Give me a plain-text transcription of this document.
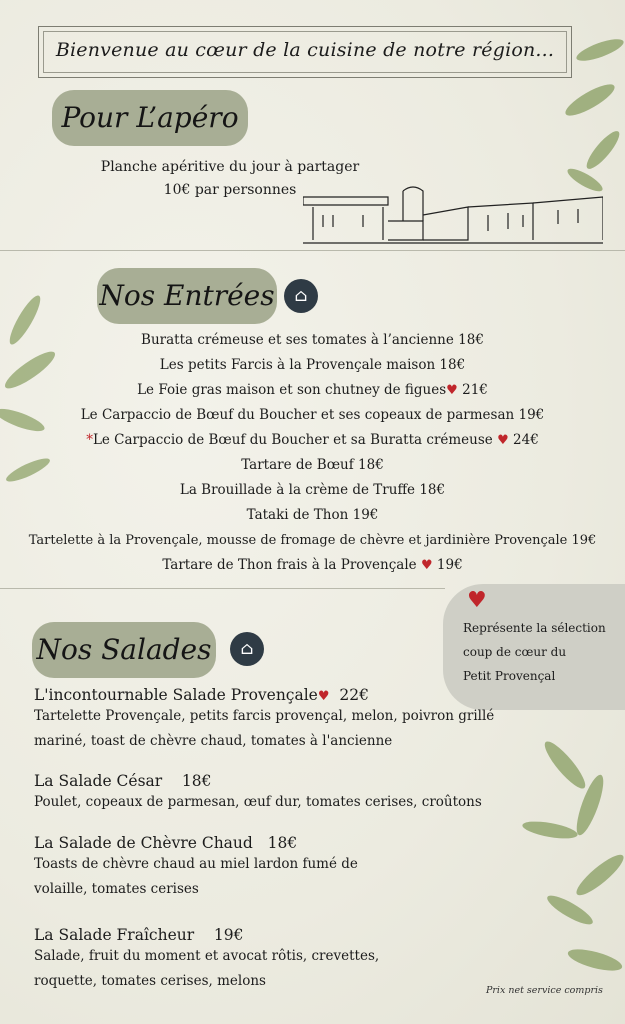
Bienvenue au cœur de la cuisine de notre région...
Pour L’apéro
Planche apéritive du jour à partager
10€ par personnes
Nos Entrées	⌂
Buratta crémeuse et ses tomates à l’ancienne 18€
Les petits Farcis à la Provençale maison 18€
Le Foie gras maison et son chutney de figues♥ 21€
Le Carpaccio de Bœuf du Boucher et ses copeaux de parmesan 19€
*Le Carpaccio de Bœuf du Boucher et sa Buratta crémeuse ♥ 24€
Tartare de Bœuf 18€
La Brouillade à la crème de Truffe 18€
Tataki de Thon 19€
Tartelette à la Provençale, mousse de fromage de chèvre et jardinière Provençale 19€
Tartare de Thon frais à la Provençale ♥ 19€
♥
Représente la sélection
coup de cœur du
Petit Provençal
Nos Salades	⌂
L'incontournable Salade Provençale♥ 22€
Tartelette Provençale, petits farcis provençal, melon, poivron grillé
mariné, toast de chèvre chaud, tomates à l'ancienne
La Salade César 18€
Poulet, copeaux de parmesan, œuf dur, tomates cerises, croûtons
La Salade de Chèvre Chaud 18€
Toasts de chèvre chaud au miel lardon fumé de
volaille, tomates cerises
La Salade Fraîcheur 19€
Salade, fruit du moment et avocat rôtis, crevettes,
roquette, tomates cerises, melons
Prix net service compris
